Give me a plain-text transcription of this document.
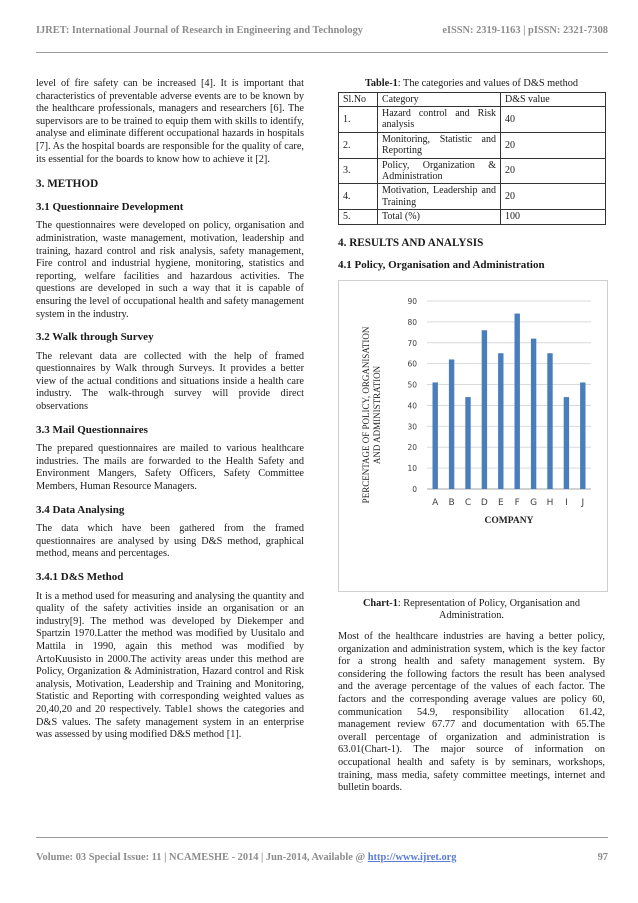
IJRET: International Journal of Research in Engineering and Technology	eISSN: 2319-1163 | pISSN: 2321-7308

level of fire safety can be increased [4]. It is important that characteristics of preventable adverse events are to be known by the healthcare professionals, managers and researchers [6]. The supervisors are to be trained to equip them with skills to identify, analyse and eliminate different occupational hazards in hospitals [7]. As the hospital boards are responsible for the quality of care, its essential for the boards to know how to achieve it [2].

3. METHOD
3.1 Questionnaire Development

The questionnaires were developed on policy, organisation and administration, waste management, motivation, leadership and training, hazard control and risk analysis, safety management, Fire control and industrial hygiene, monitoring, statistics and reporting, welfare facilities and hazardous activities. The questions are developed in such a way that it is capable of ensuring the level of occupational health and safety management system in the industry.

3.2 Walk through Survey

The relevant data are collected with the help of framed questionnaires by Walk through Surveys. It provides a better view of the actual conditions and situations inside a health care industry. The walk-through survey will provide direct observations

3.3 Mail Questionnaires

The prepared questionnaires are mailed to various healthcare industries. The mails are forwarded to the Health Safety and Environment Mangers, Safety Officers, Safety Committee Members, Human Resource Managers.

3.4 Data Analysing

The data which have been gathered from the framed questionnaires are analysed by using D&S method, graphical method, means and percentages.

3.4.1 D&S Method

It is a method used for measuring and analysing the quantity and quality of the safety activities inside an organisation or an industry[9]. The method was developed by Diekemper and Spartzin 1970.Latter the method was modified by Uusitalo and Mattila in 1990, again this method was modified by ArtoKuusisto in 2000.The activity areas under this method are Policy, Organization & Administration, Hazard control and Risk analysis, Motivation, Leadership and Training and Monitoring, Statistic and Reporting with corresponding weighted values as 20,40,20 and 20 respectively. Table1 shows the categories and D&S values. The safety management system in an enterprise was assessed by using modified D&S method [1].

Table-1: The categories and values of D&S method
Sl.No	Category	D&S value
1.	Hazard control and Risk analysis	40
2.	Monitoring, Statistic and Reporting	20
3.	Policy, Organization & Administration	20
4.	Motivation, Leadership and Training	20
5.	Total (%)	100
4. RESULTS AND ANALYSIS
4.1 Policy, Organisation and Administration
0
10
20
30
40
50
60
70
80
90
A B C D E F G H I J
COMPANY
PERCENTAGE OF POLICY, ORGANISATIONAND ADMINISTRATION
Chart-1: Representation of Policy, Organisation and Administration.

Most of the healthcare industries are having a better policy, organization and administration system, which is the key factor for a strong health and safety management system. By considering the following factors the result has been analysed and the average percentage of the values of each factor. The factors and the corresponding average values are policy 60, communication 54.9, responsibility allocation 61.42, management review 67.77 and documentation with 65.The overall percentage of organization and administration is 63.01(Chart-1). The major source of information on occupational health and safety is by seminars, workshops, training, mass media, safety committee meetings, internet and bulletin boards.

Volume: 03 Special Issue: 11 | NCAMESHE - 2014 | Jun-2014, Available @ http://www.ijret.org	97
